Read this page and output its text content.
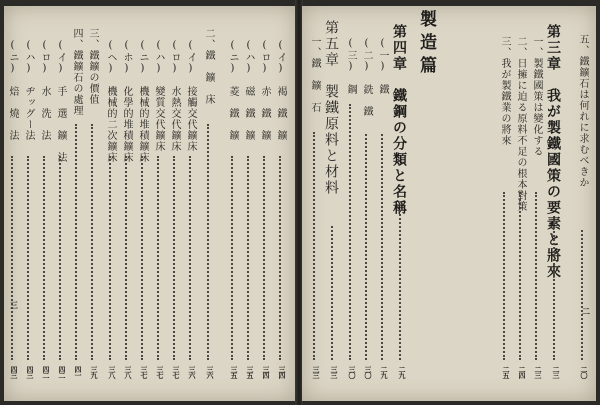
(イ)　褐　鐵　鑛
三四
(ロ)　赤　鐵　鑛
三四
(ハ)　磁　鐵　鑛
三五
(ニ)　菱　鐵　鑛
三五
二、鐵　鑛　床
三六
(イ)　接觸交代鑛床
三六
(ロ)　水熱交代鑛床
三七
(ハ)　變質交代鑛床
三七
(ニ)　機械的堆積鑛床
三七
(ホ)　化學的堆積鑛床
三八
(ヘ)　機械的二次鑛床
三八
三、鐵鑛の價值
三九
四、鐵鑛石の處理
四一
(イ)　手　選　鑛　法
四二
(ロ)　水　洗　法
四二
(ハ)　ヂッグー法
四三
(ニ)　焙　燒　法
四三
五、鐵鑛石は何れに求むべきか
二〇
第三章　我が製鐵國策の要素と將來
二三
一、製鐵國策は變化する
二三
二、日擁に迫る原料不足の根本對策
二四
三、我が製鐵業の將來
二五
製造篇
第四章　鐵鋼の分類と名稱
二九
(一)　鐵
二九
(二)　銑　鐵
三〇
(三)　鋼
三〇
第五章　製鐵原料と材料
三三
一、鐵　鑛　石
三三
三
二
